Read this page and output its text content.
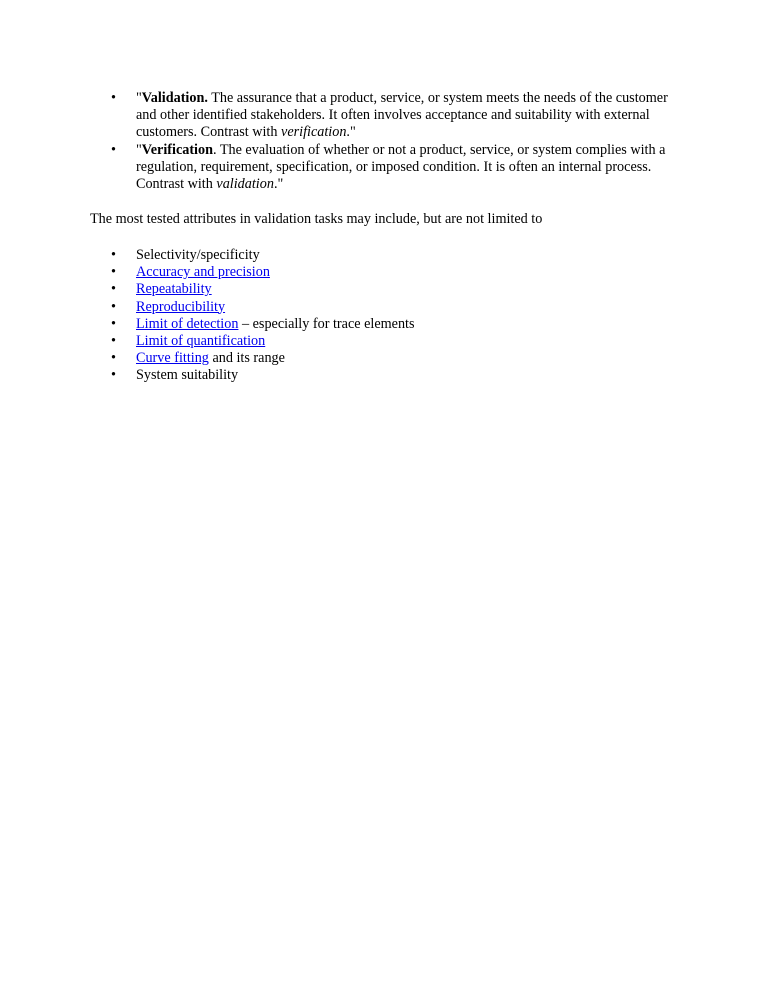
• "Validation. The assurance that a product, service, or system meets the needs of the customer and other identified stakeholders. It often involves acceptance and suitability with external customers. Contrast with verification."
• "Verification. The evaluation of whether or not a product, service, or system complies with a regulation, requirement, specification, or imposed condition. It is often an internal process. Contrast with validation."

The most tested attributes in validation tasks may include, but are not limited to

• Selectivity/specificity
• Accuracy and precision
• Repeatability
• Reproducibility
• Limit of detection – especially for trace elements
• Limit of quantification
• Curve fitting and its range
• System suitability
